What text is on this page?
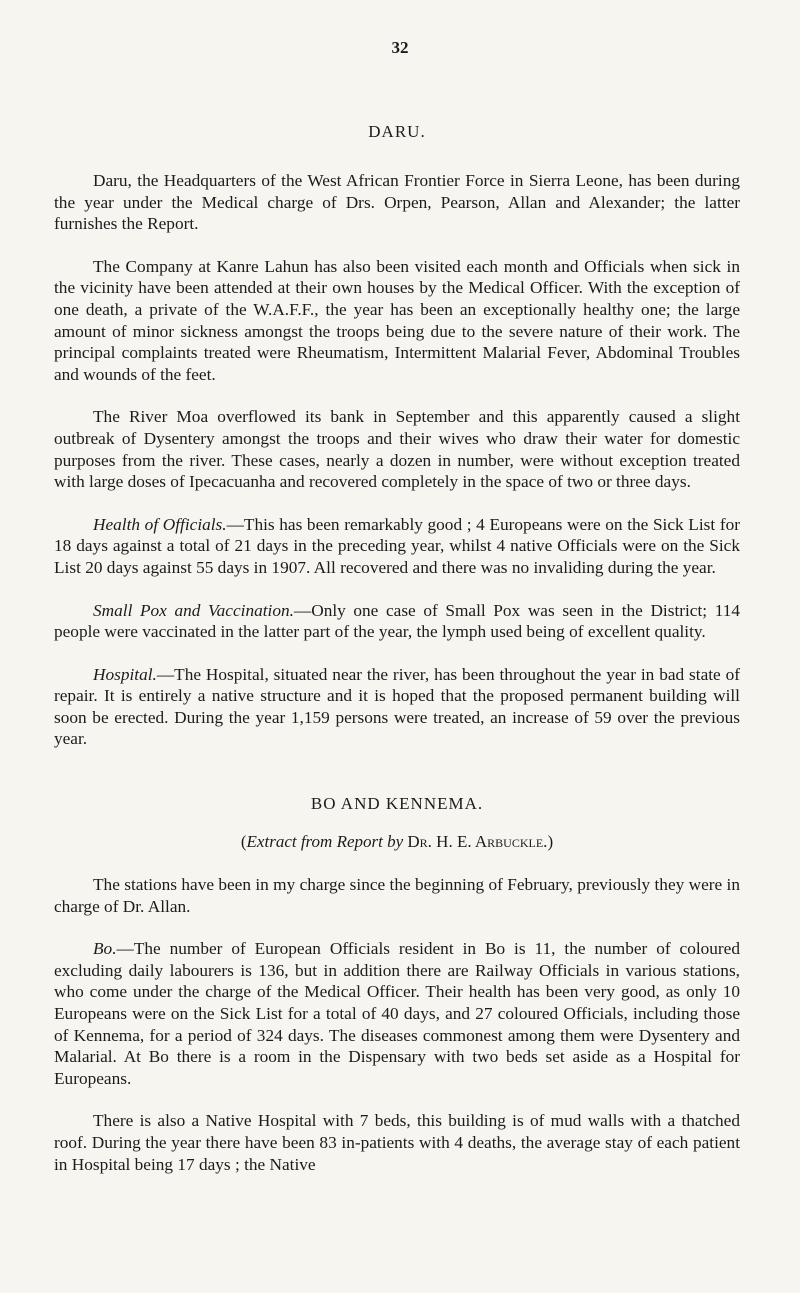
32
DARU.

Daru, the Headquarters of the West African Frontier Force in Sierra Leone, has been during the year under the Medical charge of Drs. Orpen, Pearson, Allan and Alexander; the latter furnishes the Report.

The Company at Kanre Lahun has also been visited each month and Officials when sick in the vicinity have been attended at their own houses by the Medical Officer. With the exception of one death, a private of the W.A.F.F., the year has been an exceptionally healthy one; the large amount of minor sickness amongst the troops being due to the severe nature of their work. The principal complaints treated were Rheumatism, Intermittent Malarial Fever, Abdominal Troubles and wounds of the feet.

The River Moa overflowed its bank in September and this apparently caused a slight outbreak of Dysentery amongst the troops and their wives who draw their water for domestic purposes from the river. These cases, nearly a dozen in number, were without exception treated with large doses of Ipecacuanha and recovered completely in the space of two or three days.

Health of Officials.—This has been remarkably good ; 4 Europeans were on the Sick List for 18 days against a total of 21 days in the preceding year, whilst 4 native Officials were on the Sick List 20 days against 55 days in 1907. All recovered and there was no invaliding during the year.

Small Pox and Vaccination.—Only one case of Small Pox was seen in the District; 114 people were vaccinated in the latter part of the year, the lymph used being of excellent quality.

Hospital.—The Hospital, situated near the river, has been throughout the year in bad state of repair. It is entirely a native structure and it is hoped that the proposed permanent building will soon be erected. During the year 1,159 persons were treated, an increase of 59 over the previous year.

BO AND KENNEMA.
(Extract from Report by Dr. H. E. Arbuckle.)

The stations have been in my charge since the beginning of February, previously they were in charge of Dr. Allan.

Bo.—The number of European Officials resident in Bo is 11, the number of coloured excluding daily labourers is 136, but in addition there are Railway Officials in various stations, who come under the charge of the Medical Officer. Their health has been very good, as only 10 Europeans were on the Sick List for a total of 40 days, and 27 coloured Officials, including those of Kennema, for a period of 324 days. The diseases commonest among them were Dysentery and Malarial. At Bo there is a room in the Dispensary with two beds set aside as a Hospital for Europeans.

There is also a Native Hospital with 7 beds, this building is of mud walls with a thatched roof. During the year there have been 83 in-patients with 4 deaths, the average stay of each patient in Hospital being 17 days ; the Native
